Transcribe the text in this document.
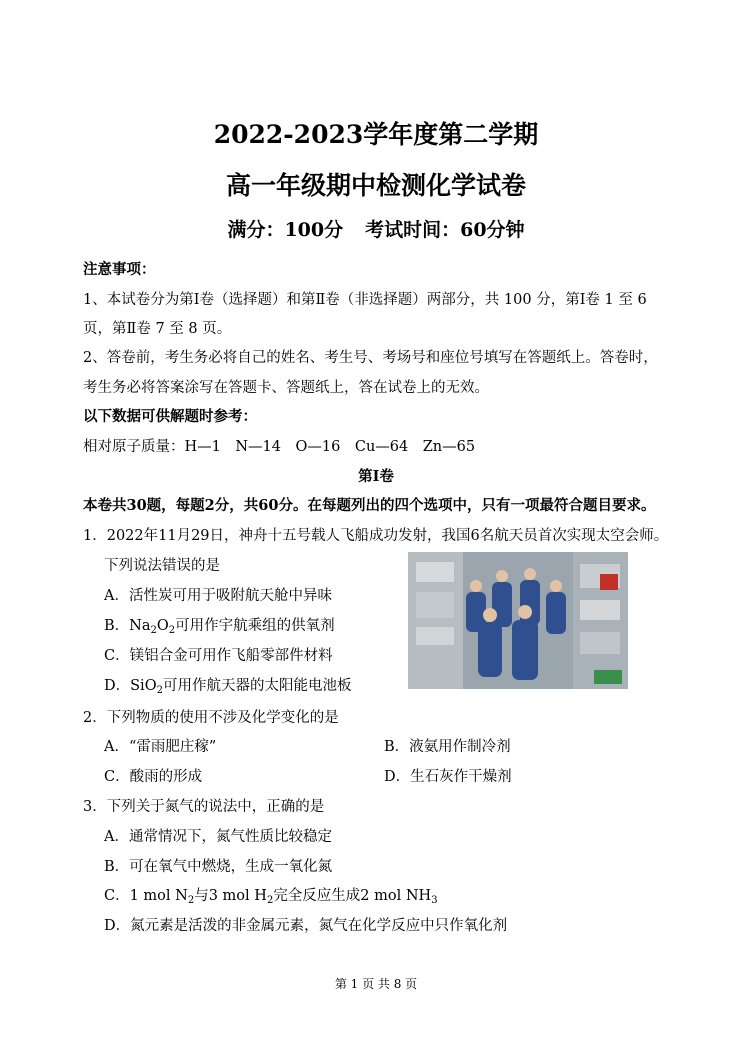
2022-2023学年度第二学期
高一年级期中检测化学试卷
满分：100分 考试时间：60分钟
注意事项：
1、本试卷分为第Ⅰ卷（选择题）和第Ⅱ卷（非选择题）两部分，共 100 分，第Ⅰ卷 1 至 6
页，第Ⅱ卷 7 至 8 页。
2、答卷前，考生务必将自己的姓名、考生号、考场号和座位号填写在答题纸上。答卷时，
考生务必将答案涂写在答题卡、答题纸上，答在试卷上的无效。
以下数据可供解题时参考：
相对原子质量：H—1　N—14　O—16　Cu—64　Zn—65
第Ⅰ卷
本卷共30题，每题2分，共60分。在每题列出的四个选项中，只有一项最符合题目要求。
1．2022年11月29日，神舟十五号载人飞船成功发射，我国6名航天员首次实现太空会师。
下列说法错误的是
A．活性炭可用于吸附航天舱中异味
B．$Na_2O_2$可用作宇航乘组的供氧剂
C．镁铝合金可用作飞船零部件材料
D．SiO$_2$可用作航天器的太阳能电池板
2．下列物质的使用不涉及化学变化的是
A．“雷雨肥庄稼”	B．液氨用作制冷剂
C．酸雨的形成	D．生石灰作干燥剂
3．下列关于氮气的说法中，正确的是
A．通常情况下，氮气性质比较稳定
B．可在氧气中燃烧，生成一氧化氮
C．1 mol $N_2$与3 mol $H_2$完全反应生成2 mol $NH_3$
D．氮元素是活泼的非金属元素，氮气在化学反应中只作氧化剂
第 1 页 共 8 页
